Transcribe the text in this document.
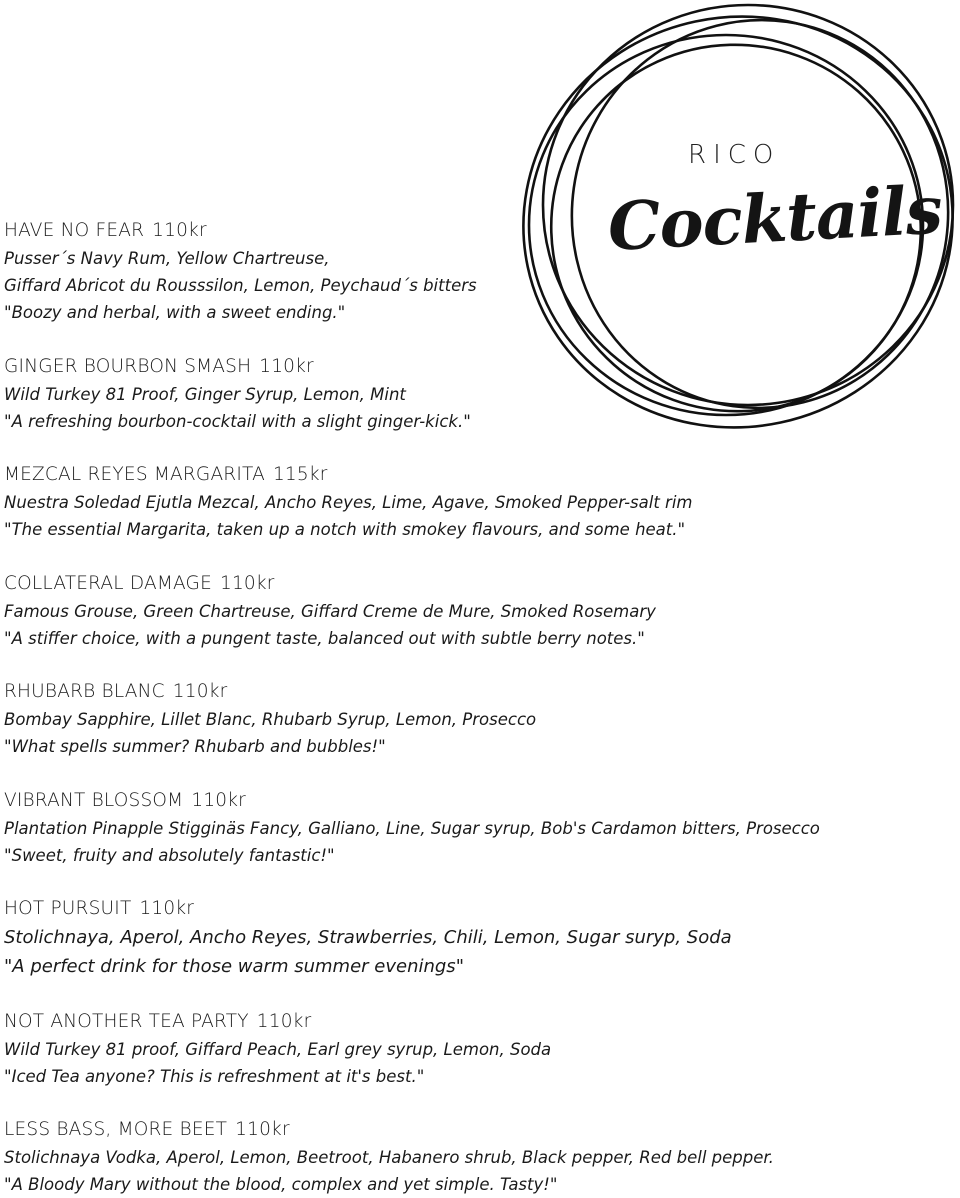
RICO
Cocktails
HAVE NO FEAR 110kr
Pusser´s Navy Rum, Yellow Chartreuse,
Giffard Abricot du Rousssilon, Lemon, Peychaud´s bitters
"Boozy and herbal, with a sweet ending."
GINGER BOURBON SMASH 110kr
Wild Turkey 81 Proof, Ginger Syrup, Lemon, Mint
"A refreshing bourbon-cocktail with a slight ginger-kick."
MEZCAL REYES MARGARITA 115kr
Nuestra Soledad Ejutla Mezcal, Ancho Reyes, Lime, Agave, Smoked Pepper-salt rim
"The essential Margarita, taken up a notch with smokey flavours, and some heat."
COLLATERAL DAMAGE 110kr
Famous Grouse, Green Chartreuse, Giffard Creme de Mure, Smoked Rosemary
"A stiffer choice, with a pungent taste, balanced out with subtle berry notes."
RHUBARB BLANC 110kr
Bombay Sapphire, Lillet Blanc, Rhubarb Syrup, Lemon, Prosecco
"What spells summer? Rhubarb and bubbles!"
VIBRANT BLOSSOM 110kr
Plantation Pinapple Stigginäs Fancy, Galliano, Line, Sugar syrup, Bob's Cardamon bitters, Prosecco
"Sweet, fruity and absolutely fantastic!"
HOT PURSUIT 110kr
Stolichnaya, Aperol, Ancho Reyes, Strawberries, Chili, Lemon, Sugar suryp, Soda
"A perfect drink for those warm summer evenings"
NOT ANOTHER TEA PARTY 110kr
Wild Turkey 81 proof, Giffard Peach, Earl grey syrup, Lemon, Soda
"Iced Tea anyone? This is refreshment at it's best."
LESS BASS, MORE BEET 110kr
Stolichnaya Vodka, Aperol, Lemon, Beetroot, Habanero shrub, Black pepper, Red bell pepper.
"A Bloody Mary without the blood, complex and yet simple. Tasty!"
